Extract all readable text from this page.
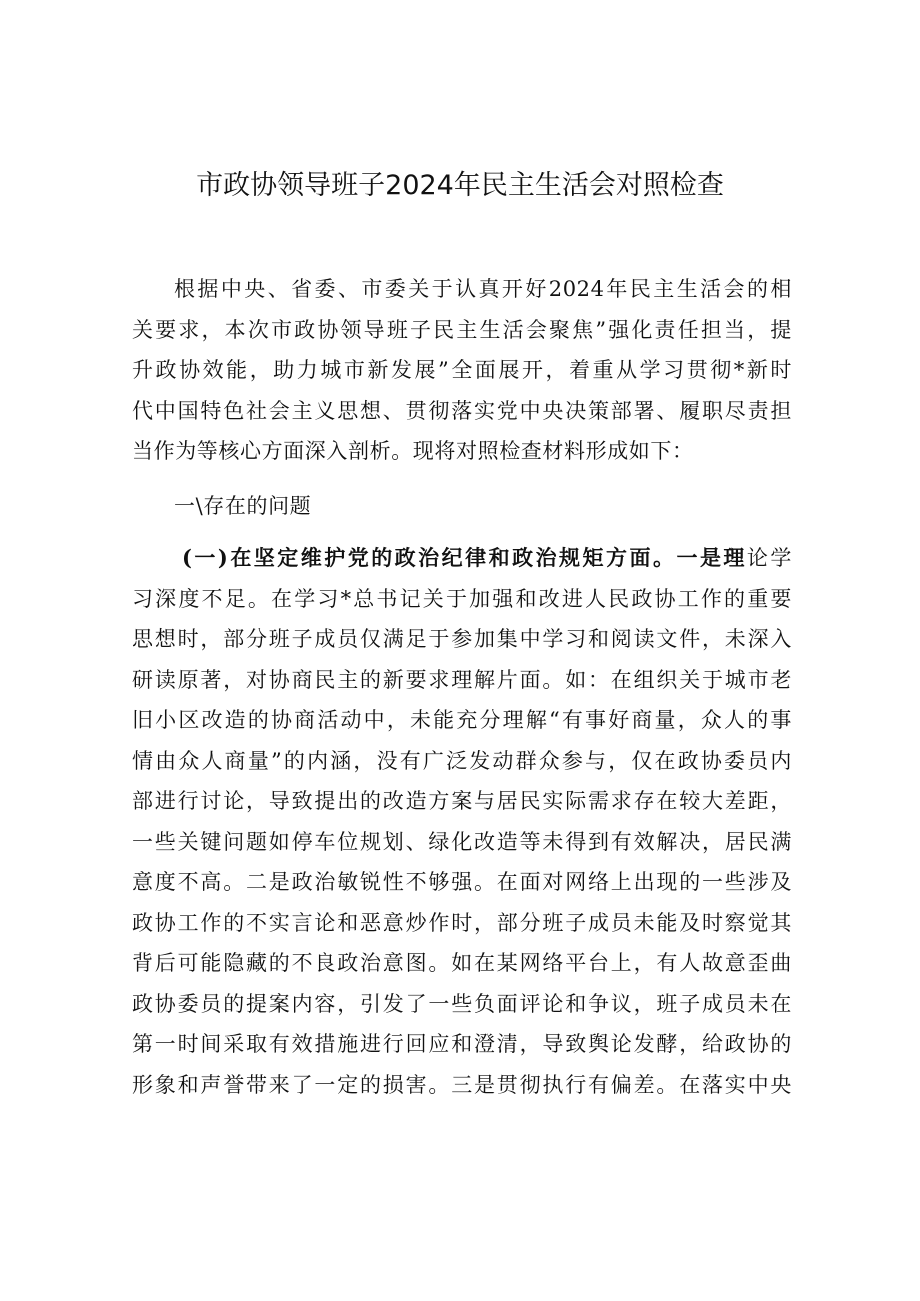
市政协领导班子2024年民主生活会对照检查
根据中央、省委、市委关于认真开好2024年民主生活会的相
关要求，本次市政协领导班子民主生活会聚焦”强化责任担当，提
升政协效能，助力城市新发展”全面展开，着重从学习贯彻*新时
代中国特色社会主义思想、贯彻落实党中央决策部署、履职尽责担
当作为等核心方面深入剖析。现将对照检查材料形成如下：
一\存在的问题
(一)在坚定维护党的政治纪律和政治规矩方面。一是理论学
习深度不足。在学习*总书记关于加强和改进人民政协工作的重要
思想时，部分班子成员仅满足于参加集中学习和阅读文件，未深入
研读原著，对协商民主的新要求理解片面。如：在组织关于城市老
旧小区改造的协商活动中，未能充分理解“有事好商量，众人的事
情由众人商量”的内涵，没有广泛发动群众参与，仅在政协委员内
部进行讨论，导致提出的改造方案与居民实际需求存在较大差距，
一些关键问题如停车位规划、绿化改造等未得到有效解决，居民满
意度不高。二是政治敏锐性不够强。在面对网络上出现的一些涉及
政协工作的不实言论和恶意炒作时，部分班子成员未能及时察觉其
背后可能隐藏的不良政治意图。如在某网络平台上，有人故意歪曲
政协委员的提案内容，引发了一些负面评论和争议，班子成员未在
第一时间采取有效措施进行回应和澄清，导致舆论发酵，给政协的
形象和声誉带来了一定的损害。三是贯彻执行有偏差。在落实中央
